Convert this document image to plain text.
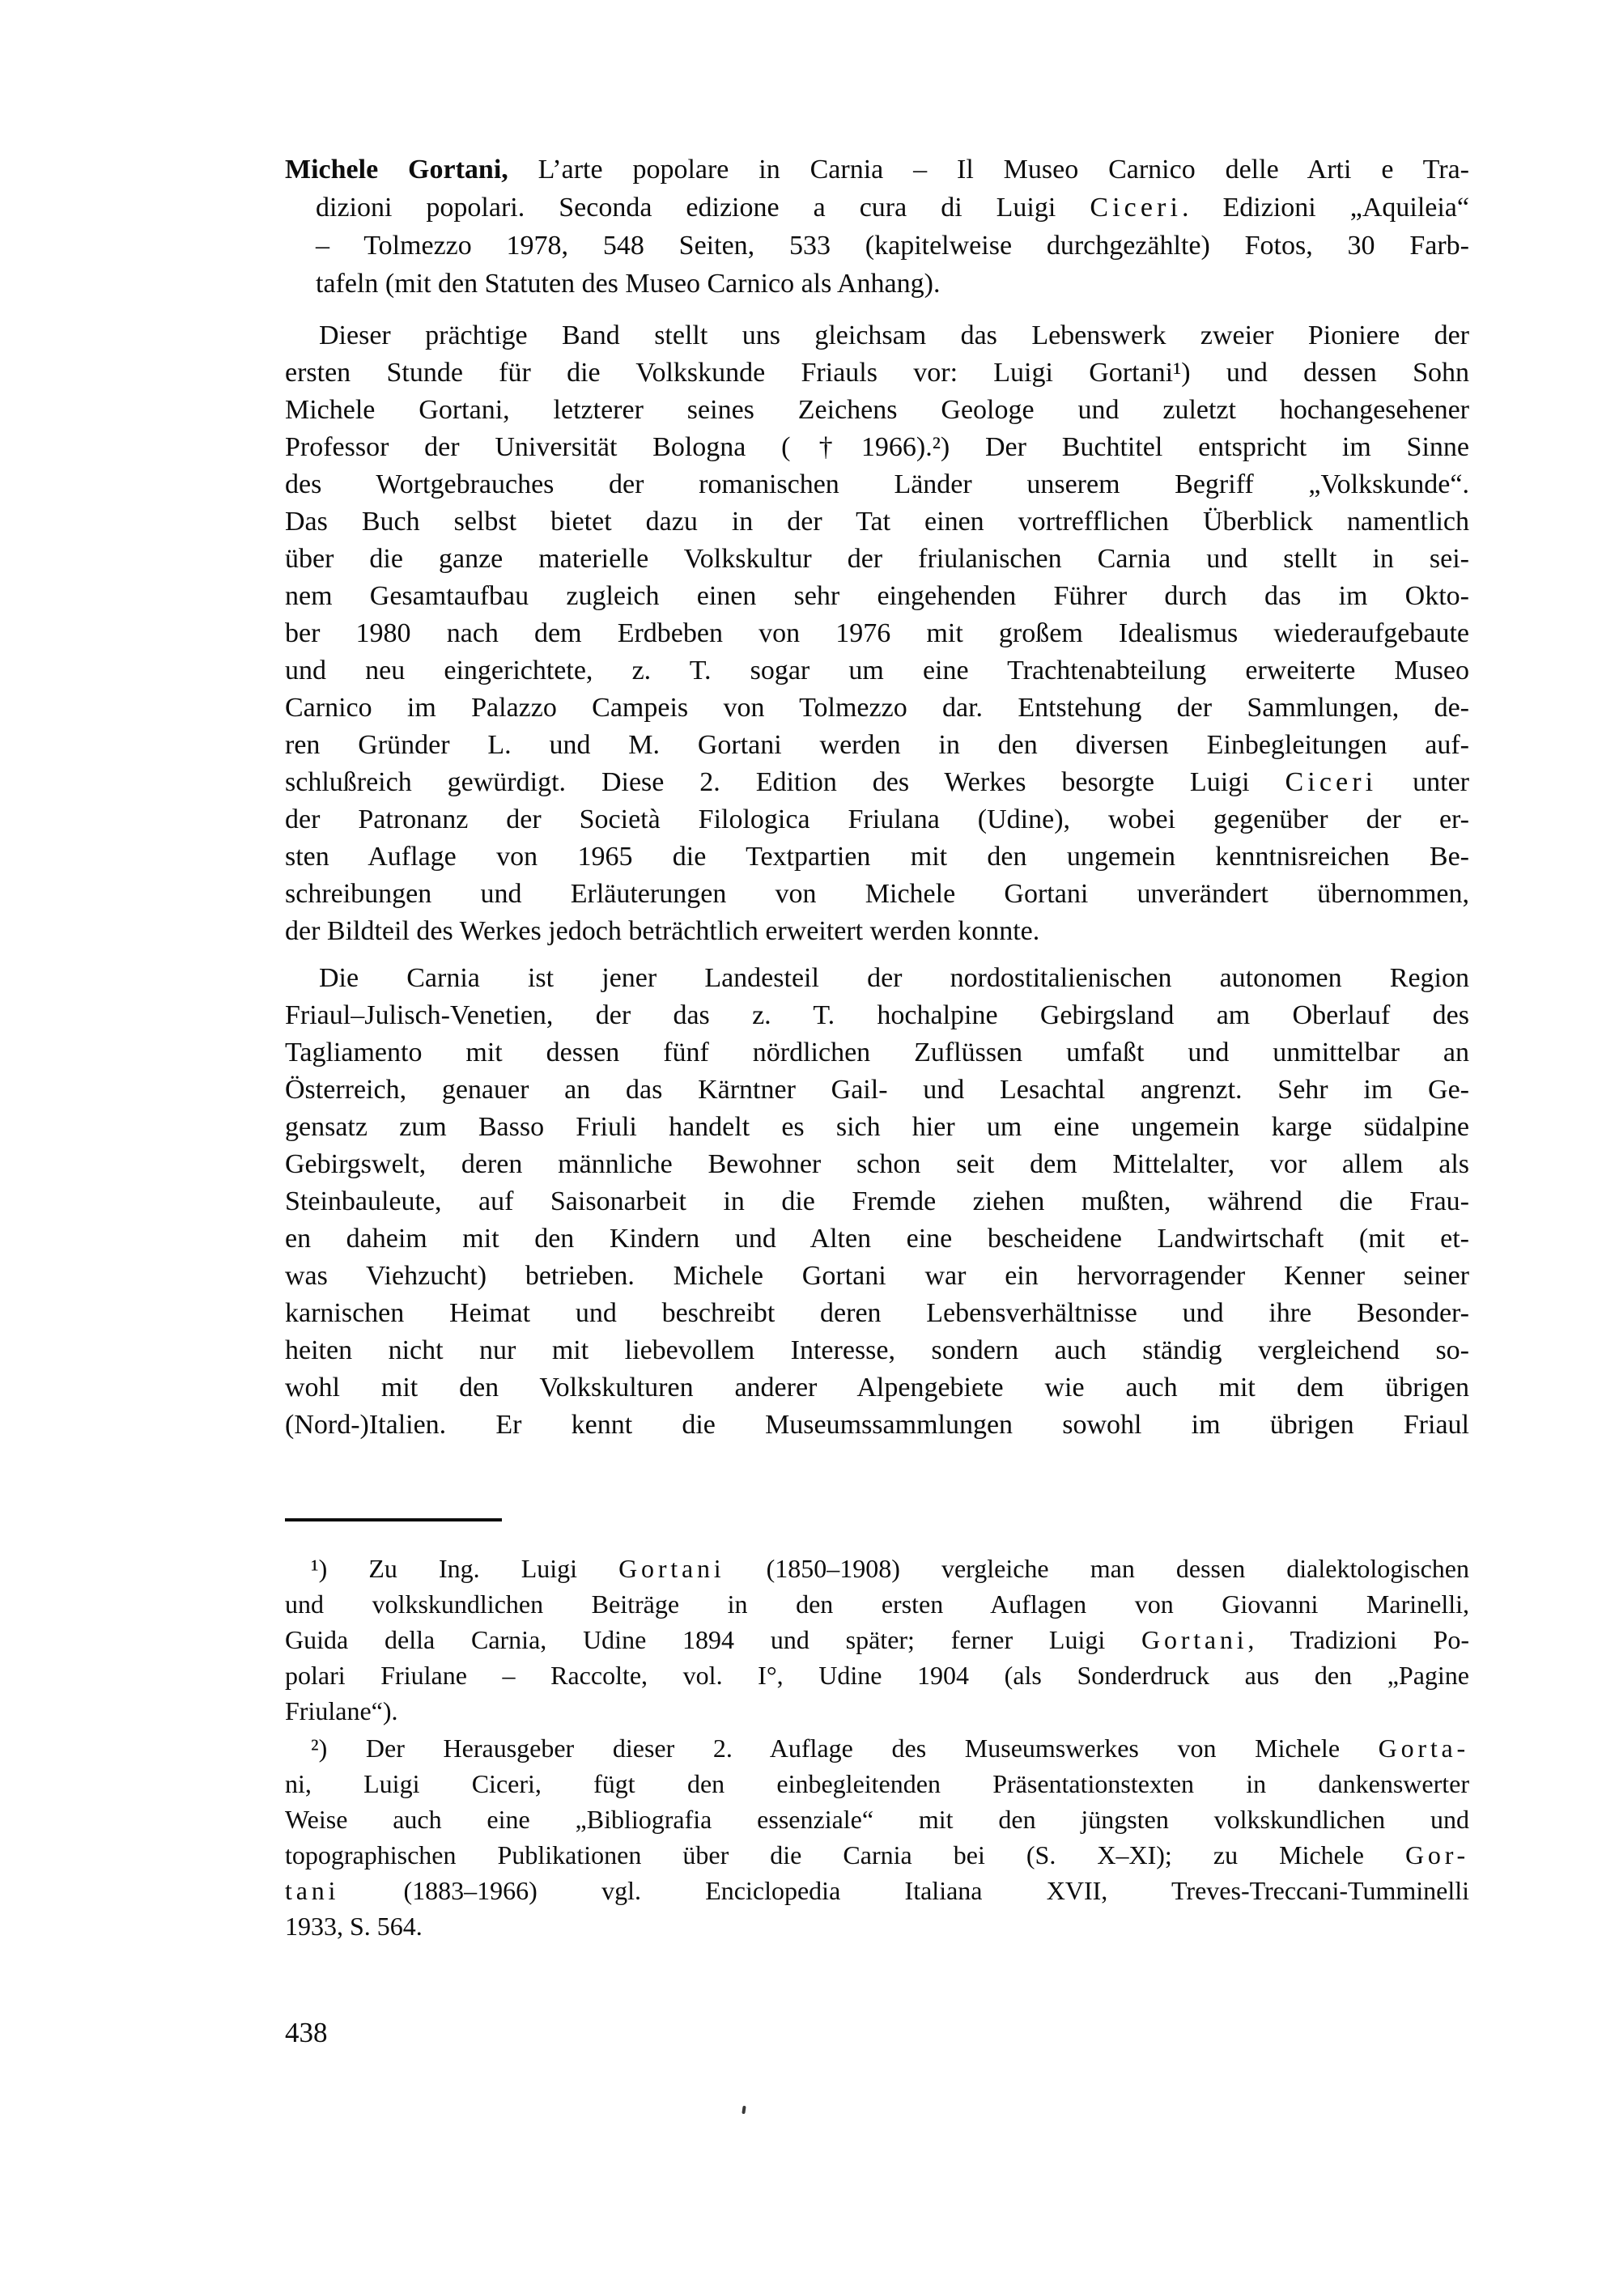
Michele Gortani, L’arte popolare in Carnia – Il Museo Carnico delle Arti e Tra-
dizioni popolari. Seconda edizione a cura di Luigi Ciceri. Edizioni „Aquileia“
– Tolmezzo 1978, 548 Seiten, 533 (kapitelweise durchgezählte) Fotos, 30 Farb-
tafeln (mit den Statuten des Museo Carnico als Anhang).
Dieser prächtige Band stellt uns gleichsam das Lebenswerk zweier Pioniere der
ersten Stunde für die Volkskunde Friauls vor: Luigi Gortani¹) und dessen Sohn
Michele Gortani, letzterer seines Zeichens Geologe und zuletzt hochangesehener
Professor der Universität Bologna (†1966).²) Der Buchtitel entspricht im Sinne
des Wortgebrauches der romanischen Länder unserem Begriff „Volkskunde“.
Das Buch selbst bietet dazu in der Tat einen vortrefflichen Überblick namentlich
über die ganze materielle Volkskultur der friulanischen Carnia und stellt in sei-
nem Gesamtaufbau zugleich einen sehr eingehenden Führer durch das im Okto-
ber 1980 nach dem Erdbeben von 1976 mit großem Idealismus wiederaufgebaute
und neu eingerichtete, z. T. sogar um eine Trachtenabteilung erweiterte Museo
Carnico im Palazzo Campeis von Tolmezzo dar. Entstehung der Sammlungen, de-
ren Gründer L. und M. Gortani werden in den diversen Einbegleitungen auf-
schlußreich gewürdigt. Diese 2. Edition des Werkes besorgte Luigi Ciceri unter
der Patronanz der Società Filologica Friulana (Udine), wobei gegenüber der er-
sten Auflage von 1965 die Textpartien mit den ungemein kenntnisreichen Be-
schreibungen und Erläuterungen von Michele Gortani unverändert übernommen,
der Bildteil des Werkes jedoch beträchtlich erweitert werden konnte.
Die Carnia ist jener Landesteil der nordostitalienischen autonomen Region
Friaul–Julisch-Venetien, der das z. T. hochalpine Gebirgsland am Oberlauf des
Tagliamento mit dessen fünf nördlichen Zuflüssen umfaßt und unmittelbar an
Österreich, genauer an das Kärntner Gail- und Lesachtal angrenzt. Sehr im Ge-
gensatz zum Basso Friuli handelt es sich hier um eine ungemein karge südalpine
Gebirgswelt, deren männliche Bewohner schon seit dem Mittelalter, vor allem als
Steinbauleute, auf Saisonarbeit in die Fremde ziehen mußten, während die Frau-
en daheim mit den Kindern und Alten eine bescheidene Landwirtschaft (mit et-
was Viehzucht) betrieben. Michele Gortani war ein hervorragender Kenner seiner
karnischen Heimat und beschreibt deren Lebensverhältnisse und ihre Besonder-
heiten nicht nur mit liebevollem Interesse, sondern auch ständig vergleichend so-
wohl mit den Volkskulturen anderer Alpengebiete wie auch mit dem übrigen
(Nord-)Italien. Er kennt die Museumssammlungen sowohl im übrigen Friaul
¹) Zu Ing. Luigi Gortani (1850–1908) vergleiche man dessen dialektologischen
und volkskundlichen Beiträge in den ersten Auflagen von Giovanni Marinelli,
Guida della Carnia, Udine 1894 und später; ferner Luigi Gortani, Tradizioni Po-
polari Friulane – Raccolte, vol. I°, Udine 1904 (als Sonderdruck aus den „Pagine
Friulane“).
²) Der Herausgeber dieser 2. Auflage des Museumswerkes von Michele Gorta-
ni, Luigi Ciceri, fügt den einbegleitenden Präsentationstexten in dankenswerter
Weise auch eine „Bibliografia essenziale“ mit den jüngsten volkskundlichen und
topographischen Publikationen über die Carnia bei (S. X–XI); zu Michele Gor-
tani (1883–1966) vgl. Enciclopedia Italiana XVII, Treves-Treccani-Tumminelli
1933, S. 564.
438
